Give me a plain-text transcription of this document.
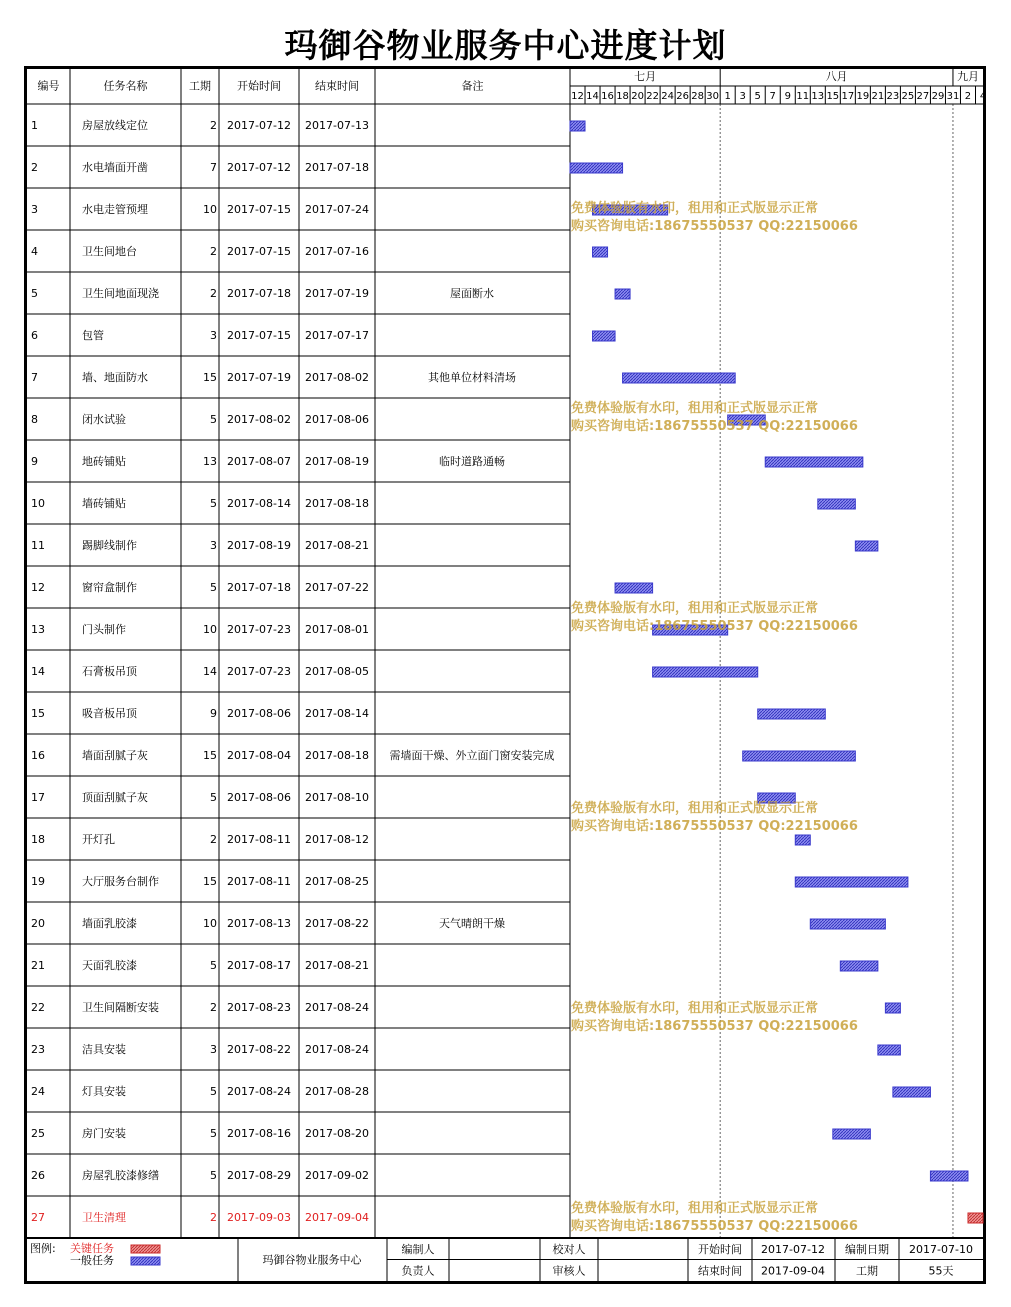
玛御谷物业服务中心进度计划
编号	任务名称	工期 开始时间	结束时间	备注
七月	八月	九月
12 14 16 18 20 22 24 26 28 30 1 3 5 7 9 11 13 15 17 19 21 23 25 27 29 31 2 4
1	房屋放线定位	2 2017-07-12 2017-07-13
2	水电墙面开凿	7 2017-07-12 2017-07-18
3	水电走管预埋	10 2017-07-15 2017-07-24
4	卫生间地台	2 2017-07-15 2017-07-16
5	卫生间地面现浇	2 2017-07-18 2017-07-19	屋面断水
6	包管	3 2017-07-15 2017-07-17
7	墙、地面防水	15 2017-07-19 2017-08-02	其他单位材料清场
8	闭水试验	5 2017-08-02 2017-08-06
9	地砖铺贴	13 2017-08-07 2017-08-19	临时道路通畅
10	墙砖铺贴	5 2017-08-14 2017-08-18
11	踢脚线制作	3 2017-08-19 2017-08-21
12	窗帘盒制作	5 2017-07-18 2017-07-22
13	门头制作	10 2017-07-23 2017-08-01
14	石膏板吊顶	14 2017-07-23 2017-08-05
15	吸音板吊顶	9 2017-08-06 2017-08-14
16	墙面刮腻子灰	15 2017-08-04 2017-08-18 需墙面干燥、外立面门窗安装完成
17	顶面刮腻子灰	5 2017-08-06 2017-08-10
18	开灯孔	2 2017-08-11 2017-08-12
19	大厅服务台制作	15 2017-08-11 2017-08-25
20	墙面乳胶漆	10 2017-08-13 2017-08-22	天气晴朗干燥
21	天面乳胶漆	5 2017-08-17 2017-08-21
22	卫生间隔断安装	2 2017-08-23 2017-08-24
23	洁具安装	3 2017-08-22 2017-08-24
24	灯具安装	5 2017-08-24 2017-08-28
25	房门安装	5 2017-08-16 2017-08-20
26	房屋乳胶漆修缮	5 2017-08-29 2017-09-02
27	卫生清理	2 2017-09-03 2017-09-04
图例: 关键任务
一般任务	玛御谷物业服务中心
编制人
负责人
校对人
审核人
开始时间 2017-07-12
结束时间 2017-09-04
编制日期 2017-07-10
工期	55天
免费体验版有水印，租用和正式版显示正常
购买咨询电话:18675550537 QQ:22150066
免费体验版有水印，租用和正式版显示正常
购买咨询电话:18675550537 QQ:22150066
免费体验版有水印，租用和正式版显示正常
购买咨询电话:18675550537 QQ:22150066
免费体验版有水印，租用和正式版显示正常
购买咨询电话:18675550537 QQ:22150066
免费体验版有水印，租用和正式版显示正常
购买咨询电话:18675550537 QQ:22150066
免费体验版有水印，租用和正式版显示正常
购买咨询电话:18675550537 QQ:22150066
